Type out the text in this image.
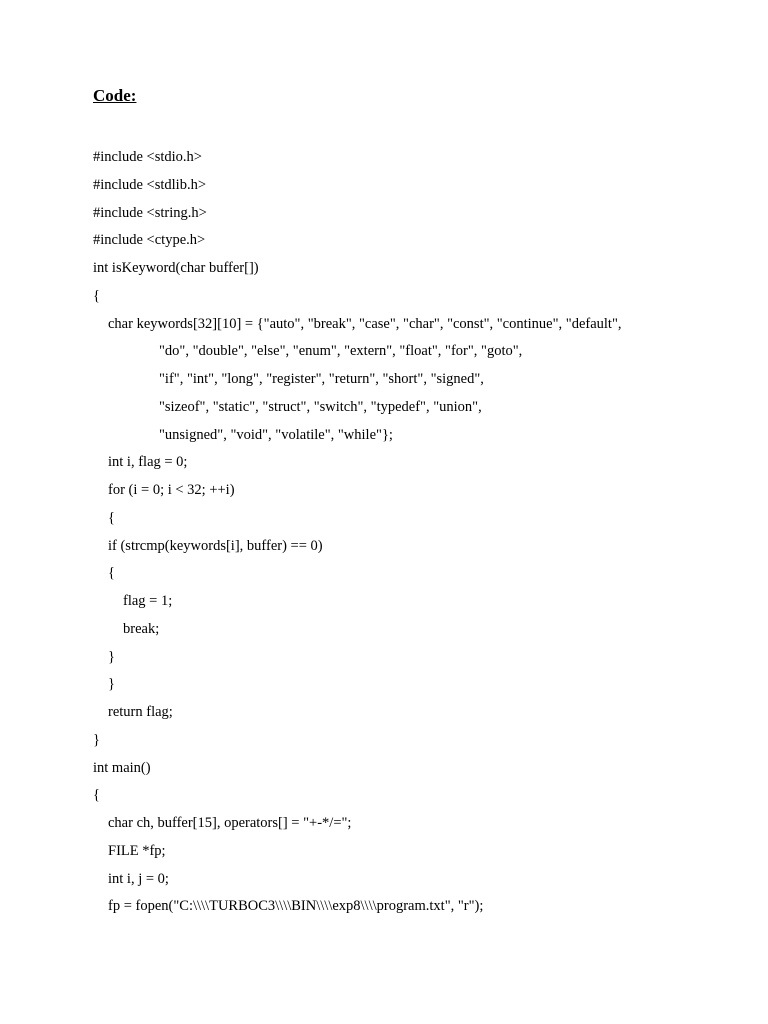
Code:
#include <stdio.h>
#include <stdlib.h>
#include <string.h>
#include <ctype.h>
int isKeyword(char buffer[])
{
char keywords[32][10] = {"auto", "break", "case", "char", "const", "continue", "default",
"do", "double", "else", "enum", "extern", "float", "for", "goto",
"if", "int", "long", "register", "return", "short", "signed",
"sizeof", "static", "struct", "switch", "typedef", "union",
"unsigned", "void", "volatile", "while"};
int i, flag = 0;
for (i = 0; i < 32; ++i)
{
if (strcmp(keywords[i], buffer) == 0)
{
flag = 1;
break;
}
}
return flag;
}
int main()
{
char ch, buffer[15], operators[] = "+-*/=";
FILE *fp;
int i, j = 0;
fp = fopen("C:\\\\TURBOC3\\\\BIN\\\\exp8\\\\program.txt", "r");
